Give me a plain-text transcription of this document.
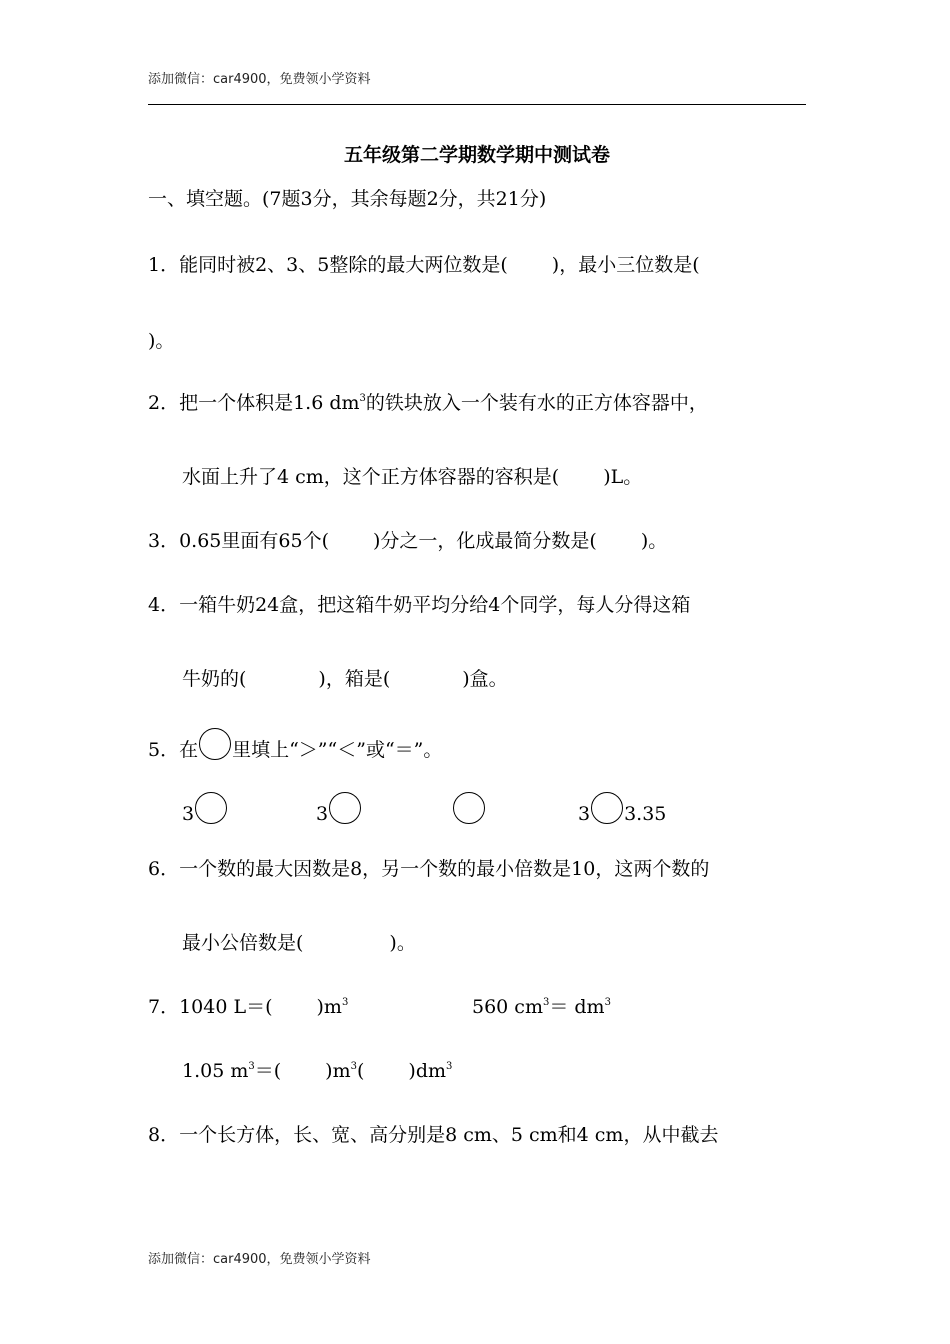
添加微信：car4900，免费领小学资料
五年级第二学期数学期中测试卷
一、填空题。(7题3分，其余每题2分，共21分)
1．能同时被2、3、5整除的最大两位数是( )，最小三位数是(
)。
2．把一个体积是1.6 $dm^3$的铁块放入一个装有水的正方体容器中，
水面上升了4 cm，这个正方体容器的容积是( )L。
3．0.65里面有65个( )分之一，化成最简分数是( )。
4．一箱牛奶24盒，把这箱牛奶平均分给4个同学，每人分得这箱
牛奶的(	)，箱是(	)盒。
5．在 里填上“＞”“＜”或“＝”。
3	3	3 3.35
6．一个数的最大因数是8，另一个数的最小倍数是10，这两个数的
最小公倍数是(	)。
7．1040 L＝( )$m^3$	560 $cm^3= dm^3$
1.05 $m^3=$( )$m^3$( )$dm^3$
8．一个长方体，长、宽、高分别是8 cm、5 cm和4 cm，从中截去
添加微信：car4900，免费领小学资料
